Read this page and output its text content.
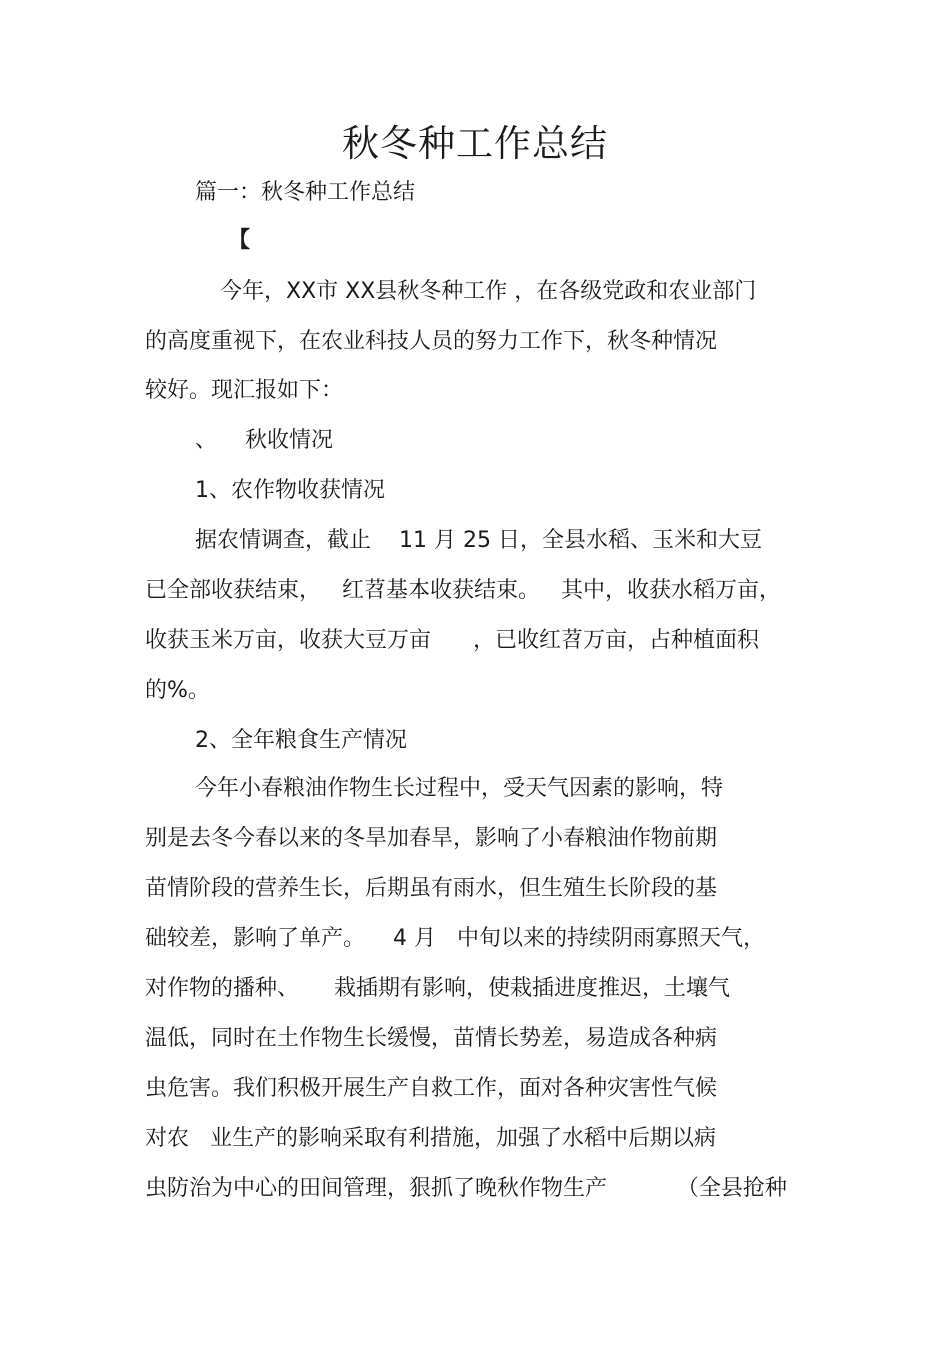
秋冬种工作总结

篇一：秋冬种工作总结

【

今年，XX市 XX县秋冬种工作 ，在各级党政和农业部门

的高度重视下，在农业科技人员的努力工作下，秋冬种情况

较好。现汇报如下：

、    秋收情况

1、农作物收获情况

据农情调查，截止    11 月 25 日，全县水稻、玉米和大豆

已全部收获结束，   红苕基本收获结束。   其中，收获水稻万亩，

收获玉米万亩，收获大豆万亩      ，已收红苕万亩，占种植面积

的%。

2、全年粮食生产情况

今年小春粮油作物生长过程中，受天气因素的影响，特

别是去冬今春以来的冬旱加春旱，影响了小春粮油作物前期

苗情阶段的营养生长，后期虽有雨水，但生殖生长阶段的基

础较差，影响了单产。    4 月   中旬以来的持续阴雨寡照天气，

对作物的播种、     栽插期有影响，使栽插进度推迟，土壤气

温低，同时在土作物生长缓慢，苗情长势差，易造成各种病

虫危害。我们积极开展生产自救工作，面对各种灾害性气候

对农   业生产的影响采取有利措施，加强了水稻中后期以病

虫防治为中心的田间管理，狠抓了晚秋作物生产          （全县抢种
